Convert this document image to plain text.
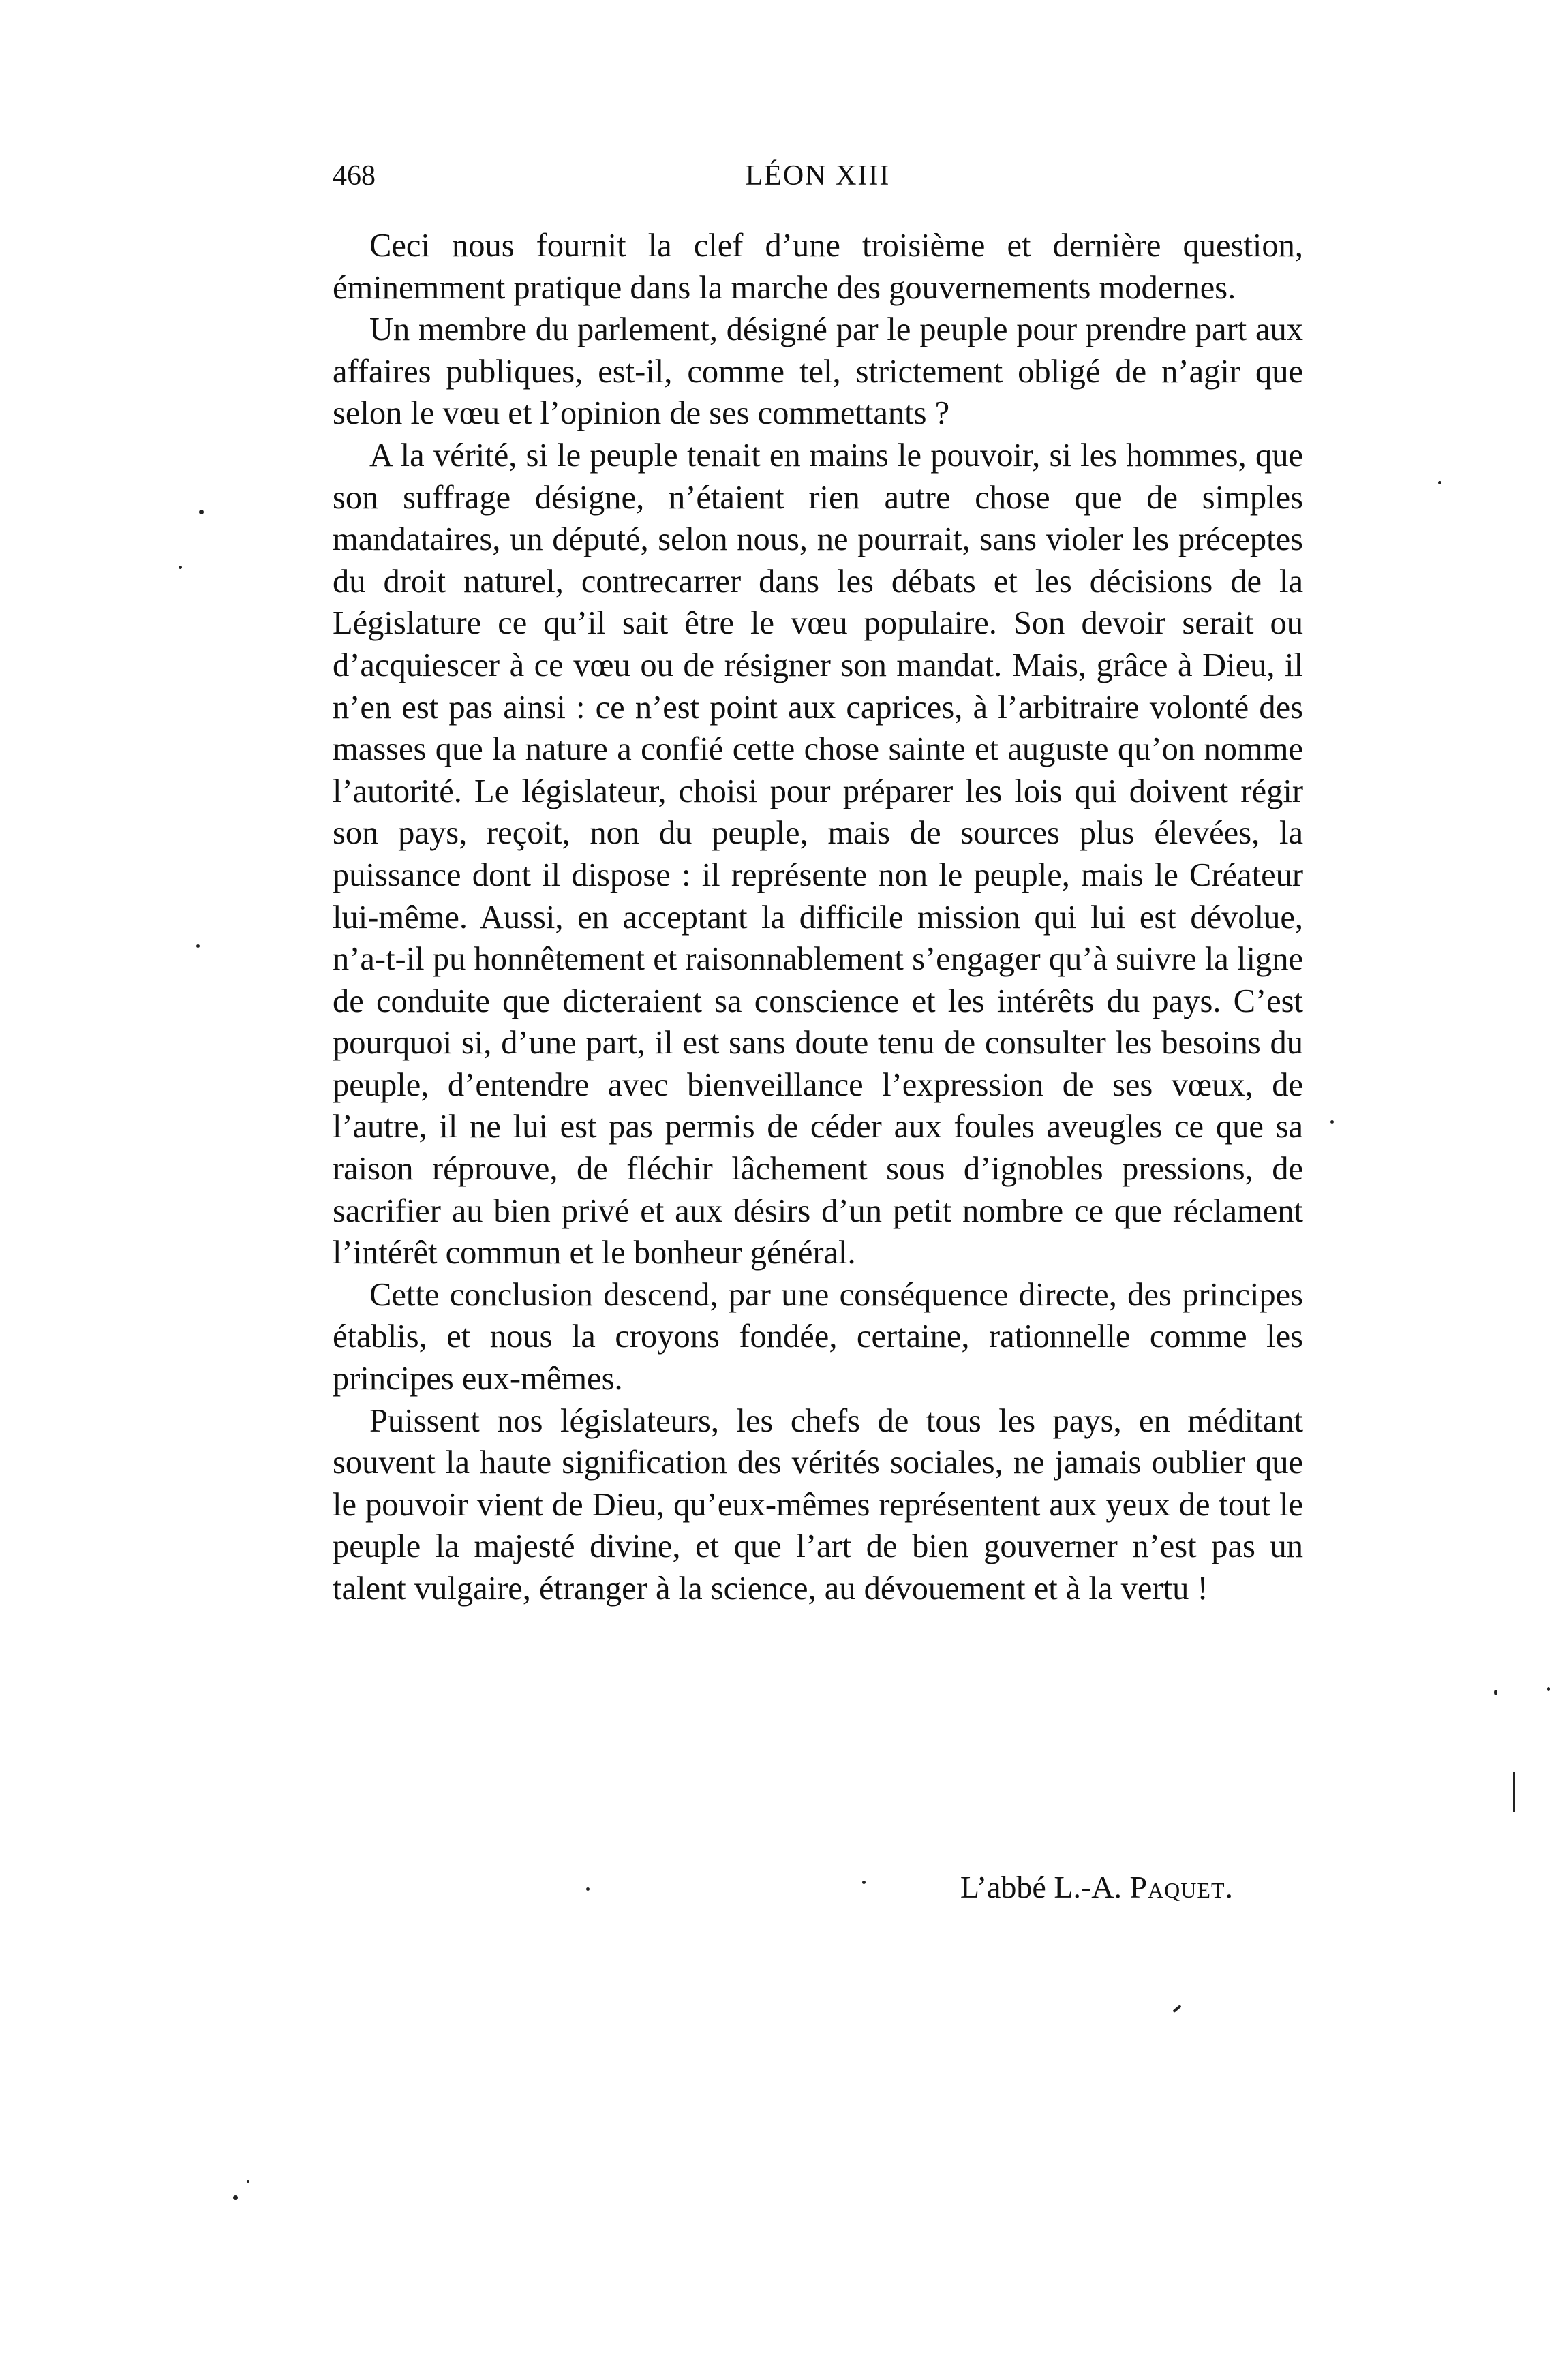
468	LÉON XIII

Ceci nous fournit la clef d’une troisième et dernière question, éminemment pratique dans la marche des gouvernements modernes.

Un membre du parlement, désigné par le peuple pour prendre part aux affaires publiques, est-il, comme tel, strictement obligé de n’agir que selon le vœu et l’opinion de ses commettants ?

A la vérité, si le peuple tenait en mains le pouvoir, si les hommes, que son suffrage désigne, n’étaient rien autre chose que de simples mandataires, un député, selon nous, ne pourrait, sans violer les préceptes du droit naturel, contrecarrer dans les débats et les décisions de la Législature ce qu’il sait être le vœu populaire. Son devoir serait ou d’acquiescer à ce vœu ou de résigner son mandat. Mais, grâce à Dieu, il n’en est pas ainsi : ce n’est point aux caprices, à l’arbitraire volonté des masses que la nature a confié cette chose sainte et auguste qu’on nomme l’autorité. Le législateur, choisi pour préparer les lois qui doivent régir son pays, reçoit, non du peuple, mais de sources plus élevées, la puissance dont il dispose : il représente non le peuple, mais le Créateur lui-même. Aussi, en acceptant la difficile mission qui lui est dévolue, n’a-t-il pu honnêtement et raisonnablement s’engager qu’à suivre la ligne de conduite que dicteraient sa conscience et les intérêts du pays. C’est pourquoi si, d’une part, il est sans doute tenu de consulter les besoins du peuple, d’entendre avec bienveillance l’expression de ses vœux, de l’autre, il ne lui est pas permis de céder aux foules aveugles ce que sa raison réprouve, de fléchir lâchement sous d’ignobles pressions, de sacrifier au bien privé et aux désirs d’un petit nombre ce que réclament l’intérêt commun et le bonheur général.

Cette conclusion descend, par une conséquence directe, des principes établis, et nous la croyons fondée, certaine, rationnelle comme les principes eux-mêmes.

Puissent nos législateurs, les chefs de tous les pays, en méditant souvent la haute signification des vérités sociales, ne jamais oublier que le pouvoir vient de Dieu, qu’eux-mêmes représentent aux yeux de tout le peuple la majesté divine, et que l’art de bien gouverner n’est pas un talent vulgaire, étranger à la science, au dévouement et à la vertu !

L’abbé L.-A. Paquet.
